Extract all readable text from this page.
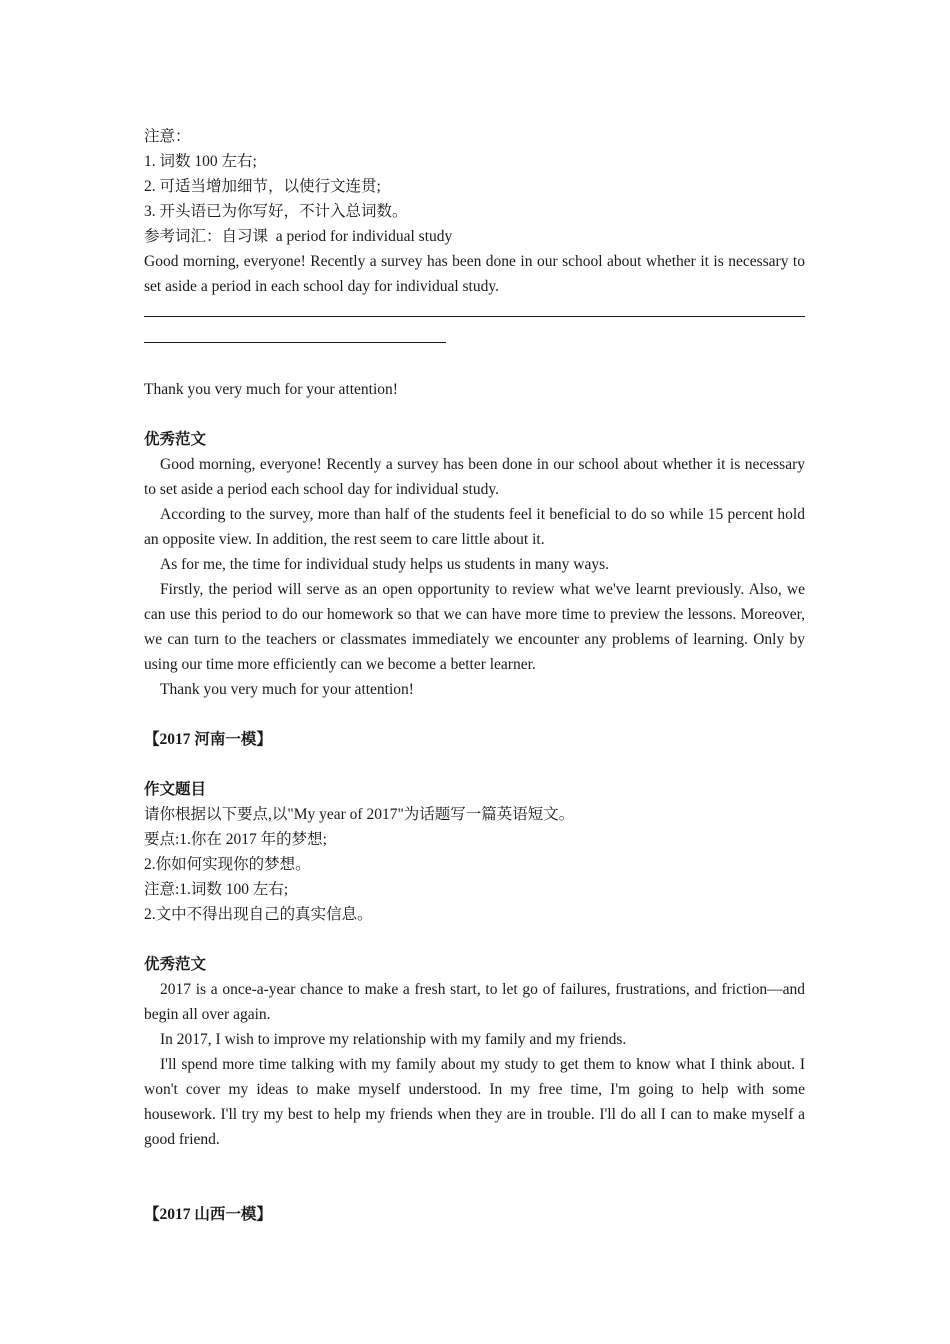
注意：

1. 词数 100 左右;

2. 可适当增加细节，以使行文连贯;

3. 开头语已为你写好，不计入总词数。

参考词汇：自习课  a period for individual study

Good morning, everyone! Recently a survey has been done in our school about whether it is necessary to set aside a period in each school day for individual study.

Thank you very much for your attention!

优秀范文

Good morning, everyone! Recently a survey has been done in our school about whether it is necessary to set aside a period each school day for individual study.

According to the survey, more than half of the students feel it beneficial to do so while 15 percent hold an opposite view. In addition, the rest seem to care little about it.

As for me, the time for individual study helps us students in many ways.

Firstly, the period will serve as an open opportunity to review what we've learnt previously. Also, we can use this period to do our homework so that we can have more time to preview the lessons. Moreover, we can turn to the teachers or classmates immediately we encounter any problems of learning. Only by using our time more efficiently can we become a better learner.

Thank you very much for your attention!

【2017 河南一模】

作文题目

请你根据以下要点,以"My year of 2017"为话题写一篇英语短文。

要点:1.你在 2017 年的梦想;

2.你如何实现你的梦想。

注意:1.词数 100 左右;

2.文中不得出现自己的真实信息。

优秀范文

2017 is a once-a-year chance to make a fresh start, to let go of failures, frustrations, and friction—and begin all over again.

In 2017, I wish to improve my relationship with my family and my friends.

I'll spend more time talking with my family about my study to get them to know what I think about. I won't cover my ideas to make myself understood. In my free time, I'm going to help with some housework. I'll try my best to help my friends when they are in trouble. I'll do all I can to make myself a good friend.

【2017 山西一模】
